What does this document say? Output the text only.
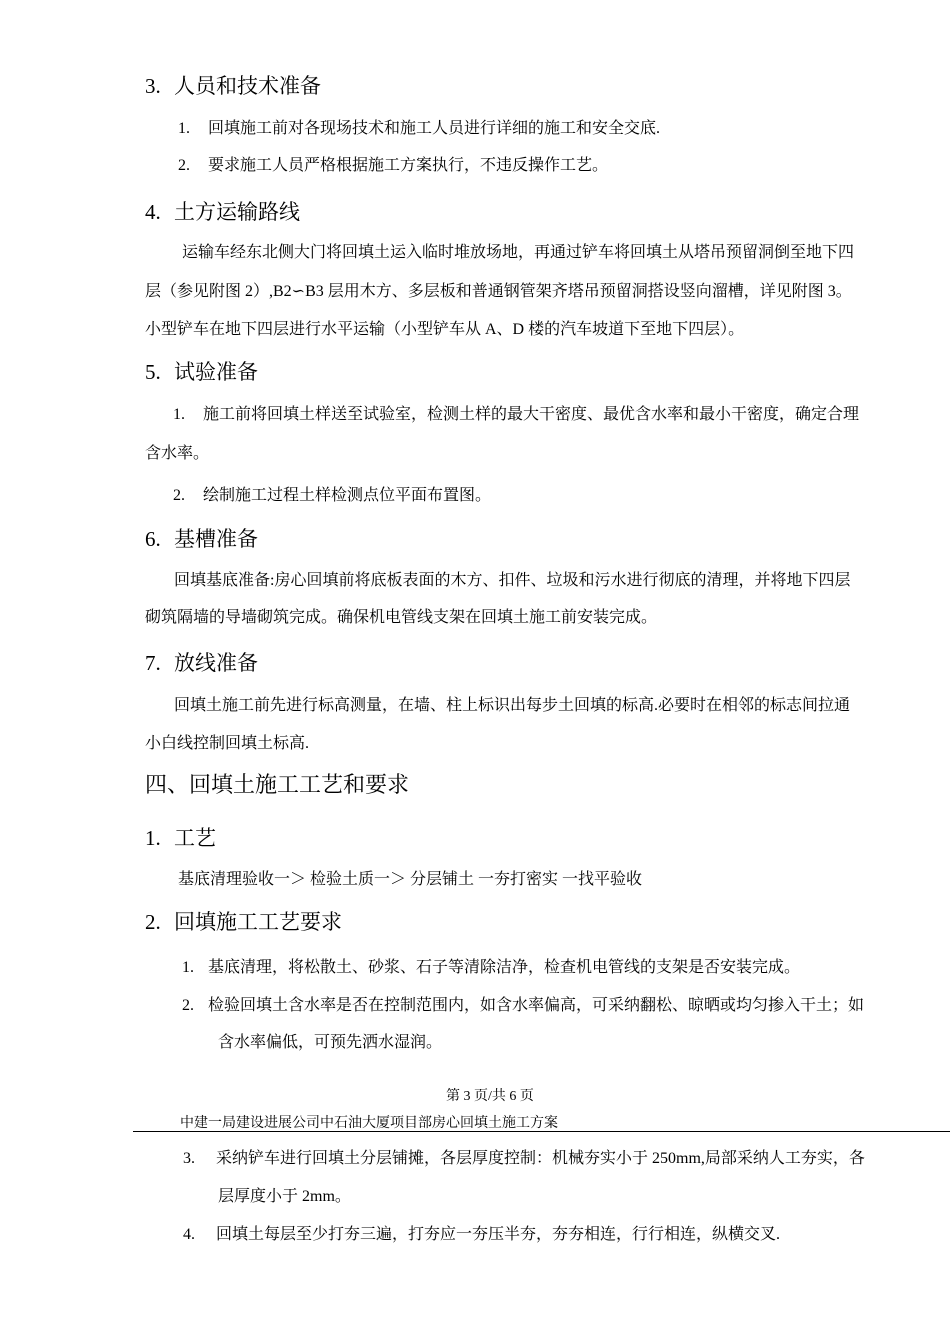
3. 人员和技术准备
1. 回填施工前对各现场技术和施工人员进行详细的施工和安全交底.
2. 要求施工人员严格根据施工方案执行，不违反操作工艺。
4. 土方运输路线
运输车经东北侧大门将回填土运入临时堆放场地，再通过铲车将回填土从塔吊预留洞倒至地下四
层（参见附图 2）,B2∽B3 层用木方、多层板和普通钢管架齐塔吊预留洞搭设竖向溜槽，详见附图 3。
小型铲车在地下四层进行水平运输（小型铲车从 A、D 楼的汽车坡道下至地下四层）。
5. 试验准备
1. 施工前将回填土样送至试验室，检测土样的最大干密度、最优含水率和最小干密度，确定合理
含水率。
2. 绘制施工过程土样检测点位平面布置图。
6. 基槽准备
回填基底准备:房心回填前将底板表面的木方、扣件、垃圾和污水进行彻底的清理，并将地下四层
砌筑隔墙的导墙砌筑完成。确保机电管线支架在回填土施工前安装完成。
7. 放线准备
回填土施工前先进行标高测量，在墙、柱上标识出每步土回填的标高.必要时在相邻的标志间拉通
小白线控制回填土标高.
四、回填土施工工艺和要求
1. 工艺
基底清理验收一＞ 检验土质一＞ 分层铺土 一夯打密实 一找平验收
2. 回填施工工艺要求
1. 基底清理，将松散土、砂浆、石子等清除洁净，检查机电管线的支架是否安装完成。
2. 检验回填土含水率是否在控制范围内，如含水率偏高，可采纳翻松、晾晒或均匀掺入干土；如
含水率偏低，可预先洒水湿润。
第 3 页/共 6 页
中建一局建设进展公司中石油大厦项目部房心回填土施工方案
3. 采纳铲车进行回填土分层铺摊，各层厚度控制：机械夯实小于 250mm,局部采纳人工夯实，各
层厚度小于 2mm。
4. 回填土每层至少打夯三遍，打夯应一夯压半夯，夯夯相连，行行相连，纵横交叉.
